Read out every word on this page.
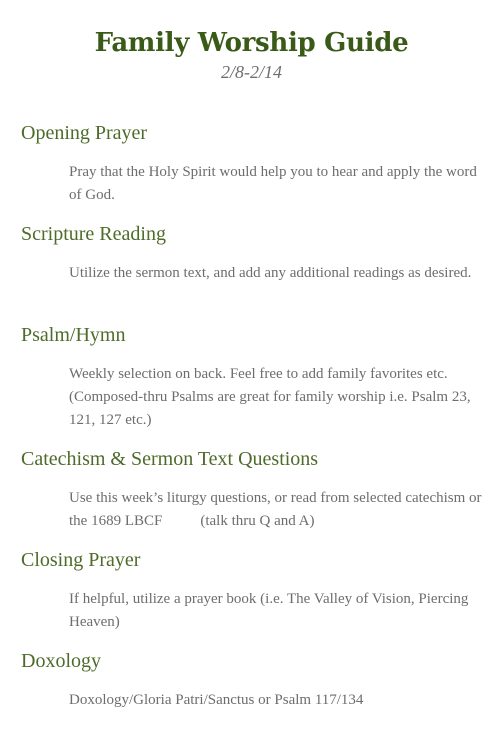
Family Worship Guide
2/8-2/14
Opening Prayer
Pray that the Holy Spirit would help you to hear and apply the word of God.
Scripture Reading
Utilize the sermon text, and add any additional readings as desired.
Psalm/Hymn
Weekly selection on back. Feel free to add family favorites etc. (Composed-thru Psalms are great for family worship i.e. Psalm 23, 121, 127 etc.)
Catechism & Sermon Text Questions
Use this week’s liturgy questions, or read from selected catechism or the 1689 LBCF	(talk thru Q and A)
Closing Prayer
If helpful, utilize a prayer book (i.e. The Valley of Vision, Piercing Heaven)
Doxology
Doxology/Gloria Patri/Sanctus or Psalm 117/134
